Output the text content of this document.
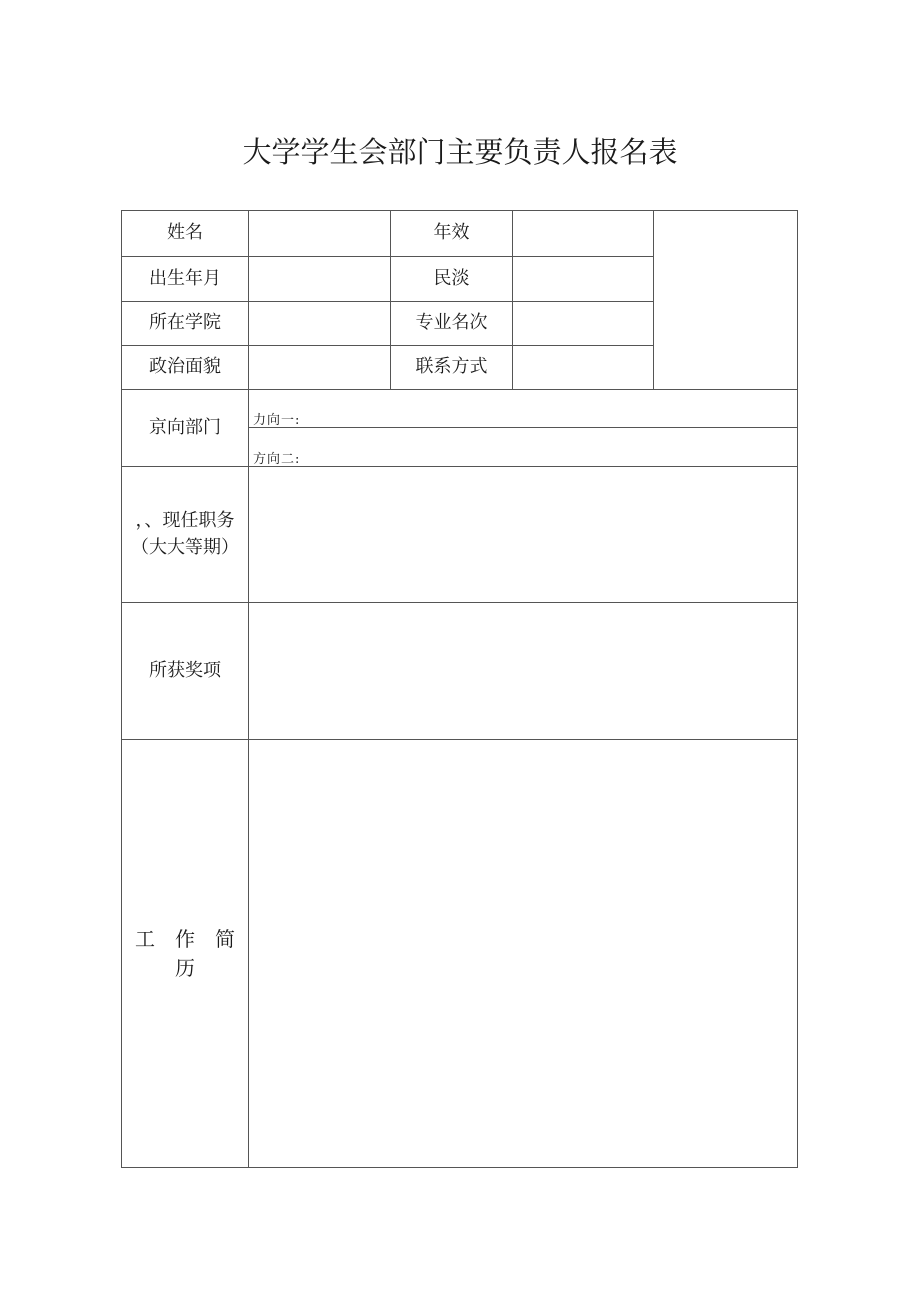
大学学生会部门主要负责人报名表
姓名	年效
出生年月	民淡
所在学院	专业名次
政治面貌	联系方式
京向部门	力向一:
方向二:
，、现任职务
（大大等期）
所获奖项
工　作　简
历
